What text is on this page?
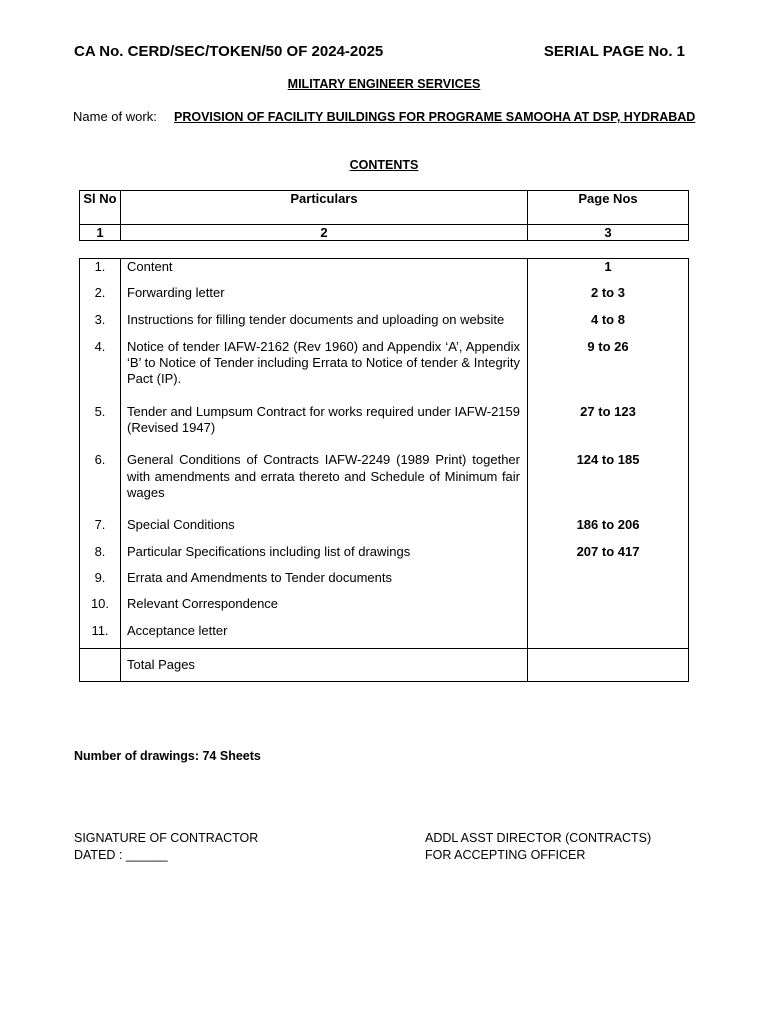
CA No. CERD/SEC/TOKEN/50 OF 2024-2025	SERIAL PAGE No. 1
MILITARY ENGINEER SERVICES
Name of work: PROVISION OF FACILITY BUILDINGS FOR PROGRAME SAMOOHA AT DSP, HYDRABAD
CONTENTS
Sl No	Particulars	Page Nos
1	2	3
1.	Content	1
2.	Forwarding letter	2 to 3
3.	Instructions for filling tender documents and uploading on website	4 to 8
4.	Notice of tender IAFW-2162 (Rev 1960) and Appendix ‘A’, Appendix ‘B’ to Notice of Tender including Errata to Notice of tender & Integrity Pact (IP).	9 to 26
5.	Tender and Lumpsum Contract for works required under IAFW-2159 (Revised 1947)	27 to 123
6.	General Conditions of Contracts IAFW-2249 (1989 Print) together with amendments and errata thereto and Schedule of Minimum fair wages	124 to 185
7.	Special Conditions	186 to 206
8.	Particular Specifications including list of drawings	207 to 417
9.	Errata and Amendments to Tender documents	
10.	Relevant Correspondence	
11.	Acceptance letter	
	Total Pages	
Number of drawings: 74 Sheets
SIGNATURE OF CONTRACTOR
DATED : ______
ADDL ASST DIRECTOR (CONTRACTS)
FOR ACCEPTING OFFICER
